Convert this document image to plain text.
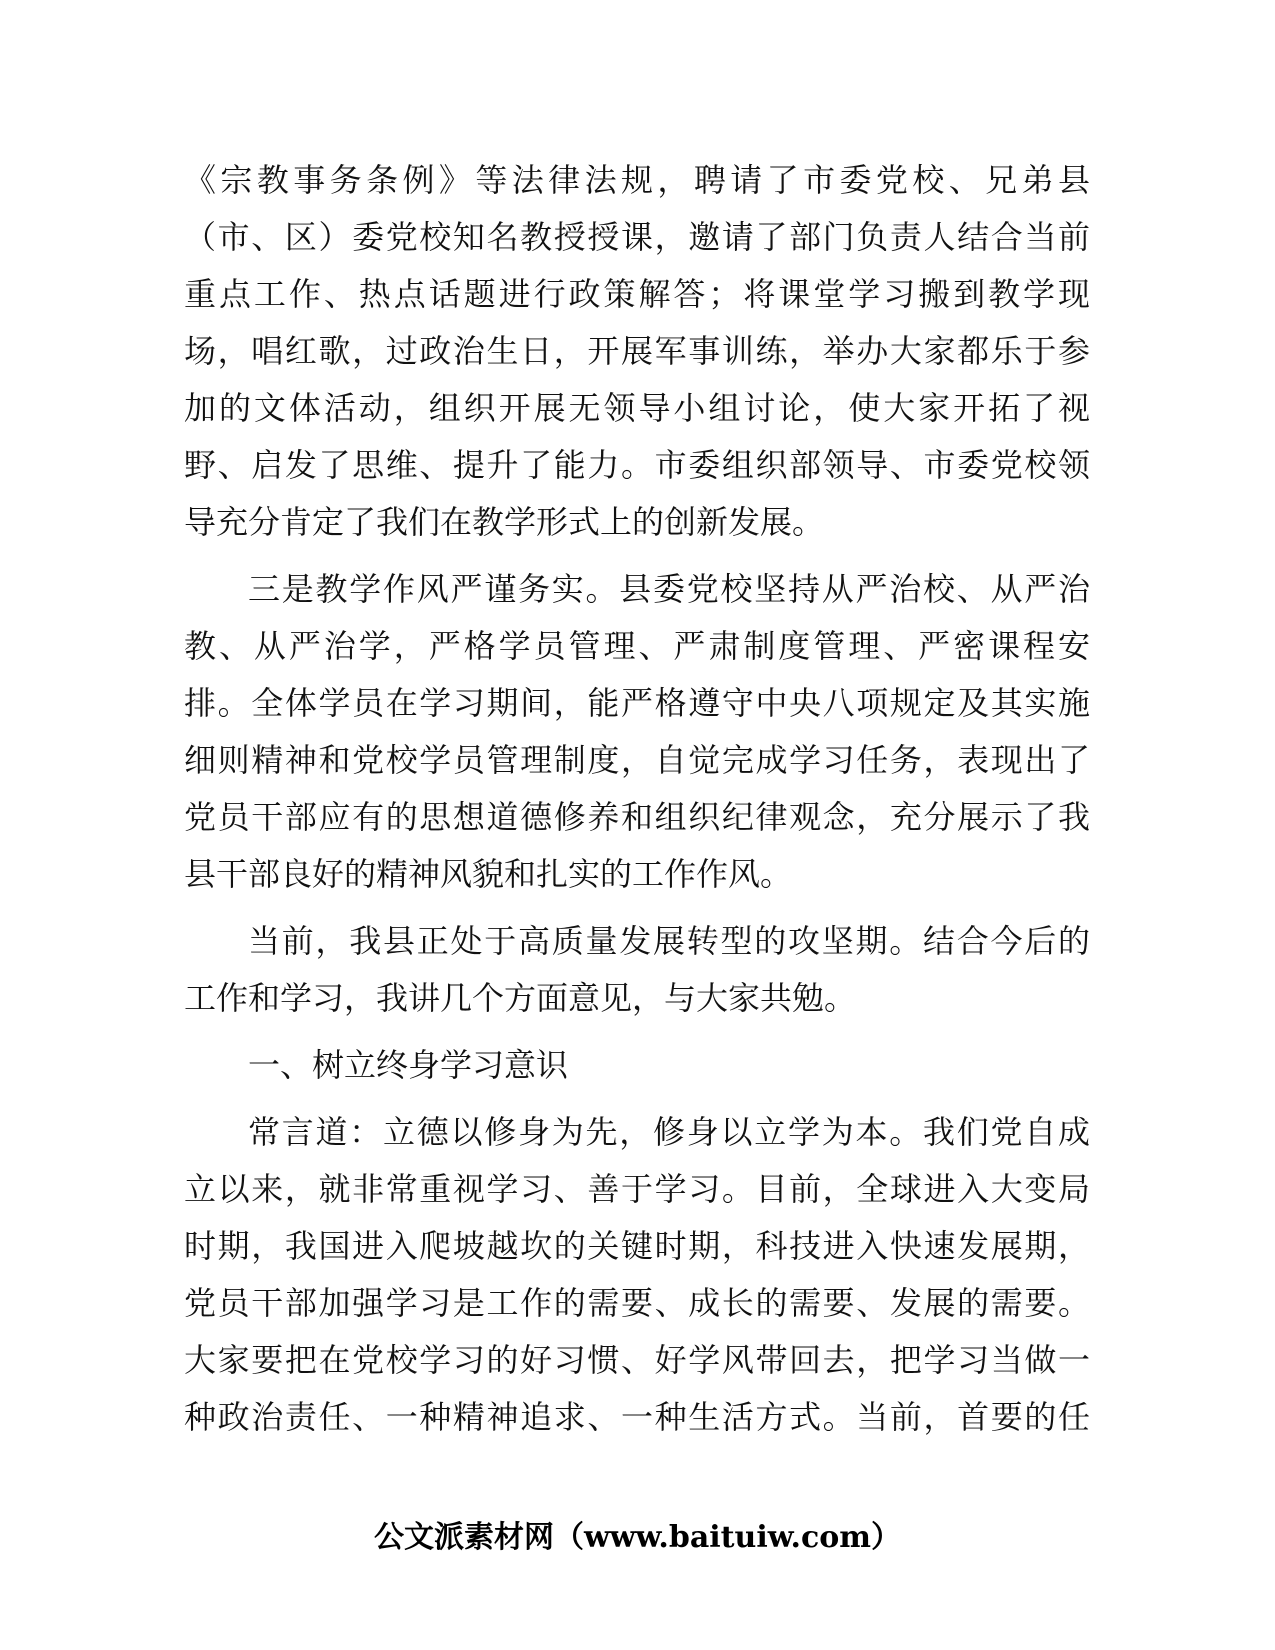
《宗教事务条例》等法律法规，聘请了市委党校、兄弟县
（市、区）委党校知名教授授课，邀请了部门负责人结合当前
重点工作、热点话题进行政策解答；将课堂学习搬到教学现
场，唱红歌，过政治生日，开展军事训练，举办大家都乐于参
加的文体活动，组织开展无领导小组讨论，使大家开拓了视
野、启发了思维、提升了能力。市委组织部领导、市委党校领
导充分肯定了我们在教学形式上的创新发展。
三是教学作风严谨务实。县委党校坚持从严治校、从严治
教、从严治学，严格学员管理、严肃制度管理、严密课程安
排。全体学员在学习期间，能严格遵守中央八项规定及其实施
细则精神和党校学员管理制度，自觉完成学习任务，表现出了
党员干部应有的思想道德修养和组织纪律观念，充分展示了我
县干部良好的精神风貌和扎实的工作作风。
当前，我县正处于高质量发展转型的攻坚期。结合今后的
工作和学习，我讲几个方面意见，与大家共勉。
一、树立终身学习意识
常言道：立德以修身为先，修身以立学为本。我们党自成
立以来，就非常重视学习、善于学习。目前，全球进入大变局
时期，我国进入爬坡越坎的关键时期，科技进入快速发展期，
党员干部加强学习是工作的需要、成长的需要、发展的需要。
大家要把在党校学习的好习惯、好学风带回去，把学习当做一
种政治责任、一种精神追求、一种生活方式。当前，首要的任
公文派素材网（www.baituiw.com）
